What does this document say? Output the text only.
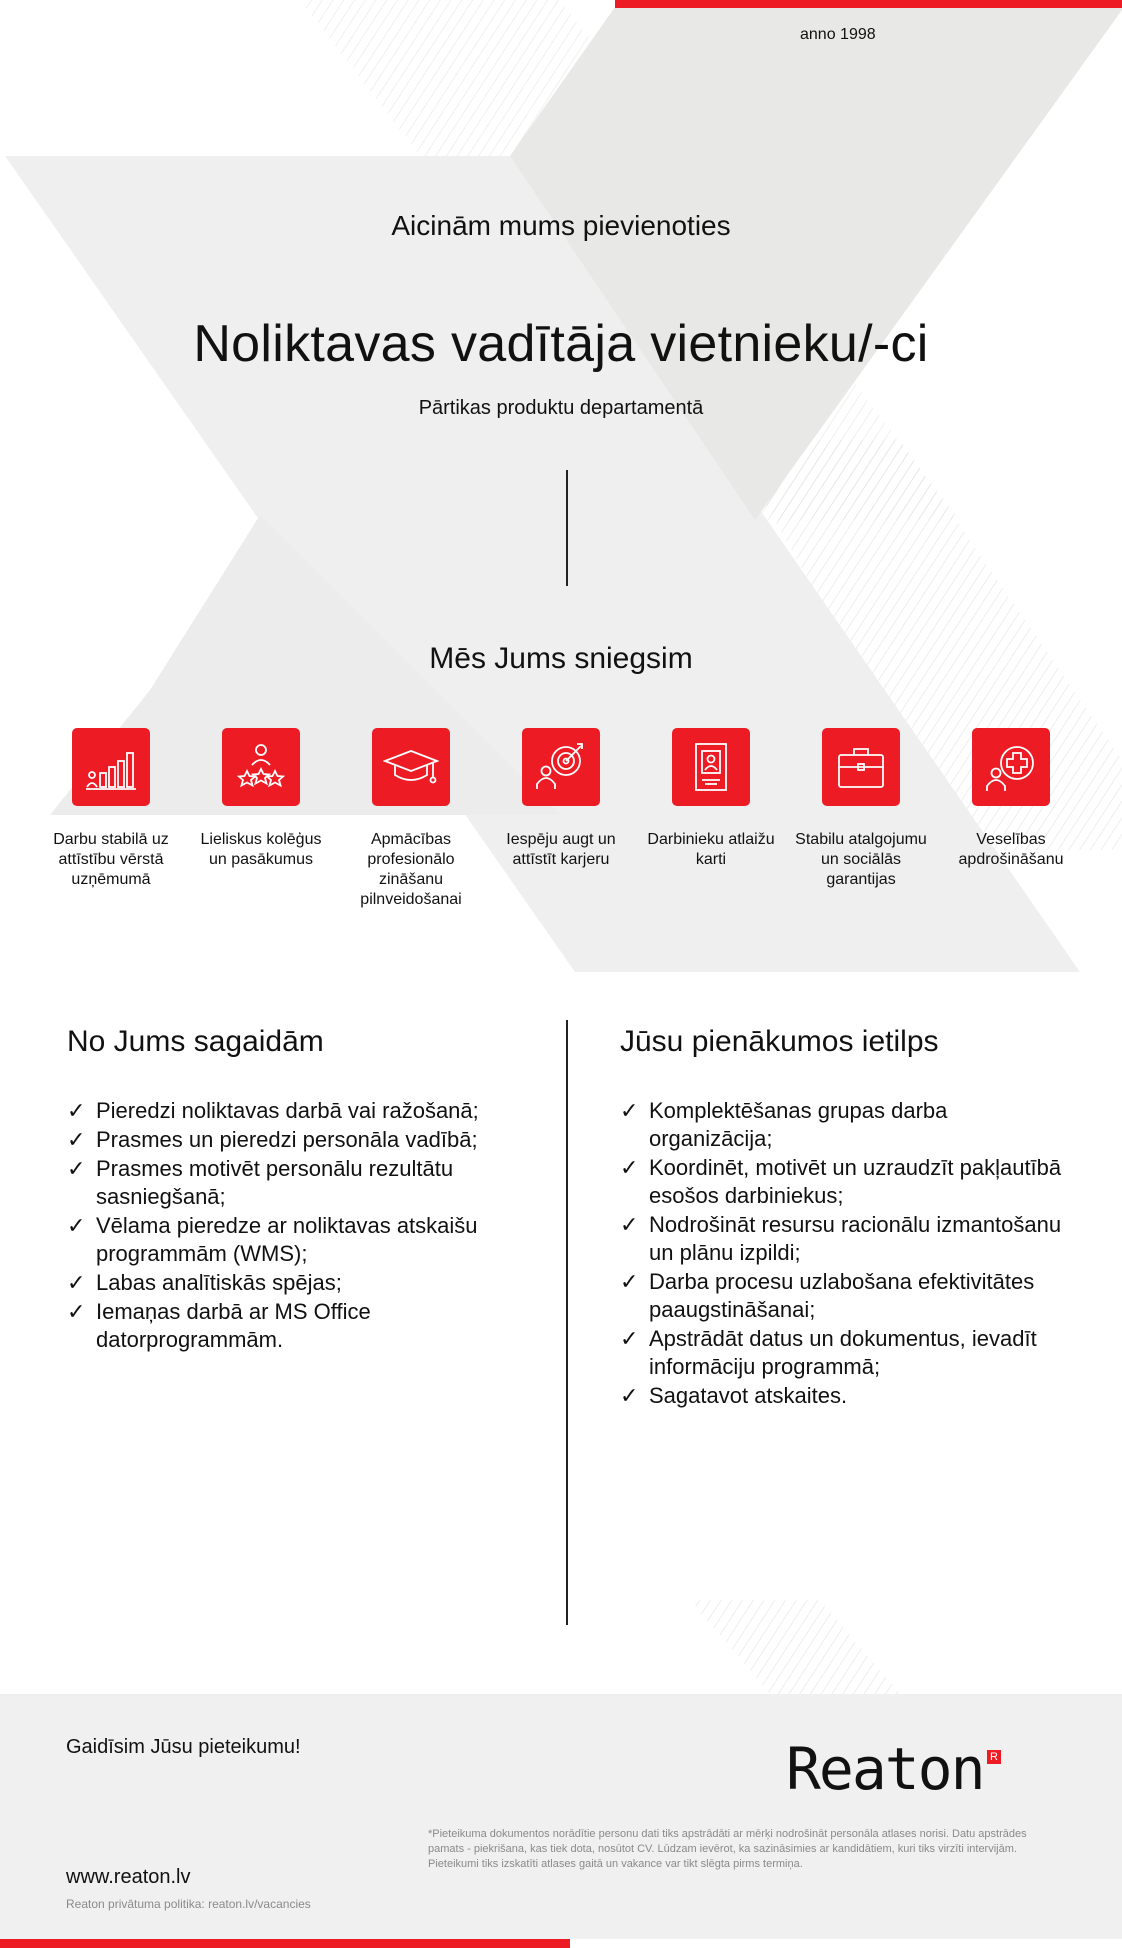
anno 1998
Aicinām mums pievienoties
Noliktavas vadītāja vietnieku/-ci
Pārtikas produktu departamentā
Mēs Jums sniegsim
Darbu stabilā uz attīstību vērstā uzņēmumā
Lieliskus kolēģus un pasākumus
Apmācības profesionālo zināšanu pilnveidošanai
Iespēju augt un attīstīt karjeru
Darbinieku atlaižu karti
Stabilu atalgojumu un sociālās garantijas
Veselības apdrošināšanu
No Jums sagaidām
✓ Pieredzi noliktavas darbā vai ražošanā;
✓ Prasmes un pieredzi personāla vadībā;
✓ Prasmes motivēt personālu rezultātu sasniegšanā;
✓ Vēlama pieredze ar noliktavas atskaišu programmām (WMS);
✓ Labas analītiskās spējas;
✓ Iemaņas darbā ar MS Office datorprogrammām.
Jūsu pienākumos ietilps
✓ Komplektēšanas grupas darba organizācija;
✓ Koordinēt, motivēt un uzraudzīt pakļautībā esošos darbiniekus;
✓ Nodrošināt resursu racionālu izmantošanu un plānu izpildi;
✓ Darba procesu uzlabošana efektivitātes paaugstināšanai;
✓ Apstrādāt datus un dokumentus, ievadīt informāciju programmā;
✓ Sagatavot atskaites.
Gaidīsim Jūsu pieteikumu!	Reaton R
*Pieteikuma dokumentos norādītie personu dati tiks apstrādāti ar mērķi nodrošināt personāla atlases norisi. Datu apstrādes pamats - piekrišana, kas tiek dota, nosūtot CV. Lūdzam ievērot, ka sazināsimies ar kandidātiem, kuri tiks virzīti intervijām. Pieteikumi tiks izskatīti atlases gaitā un vakance var tikt slēgta pirms termiņa.
www.reaton.lv
Reaton privātuma politika: reaton.lv/vacancies
